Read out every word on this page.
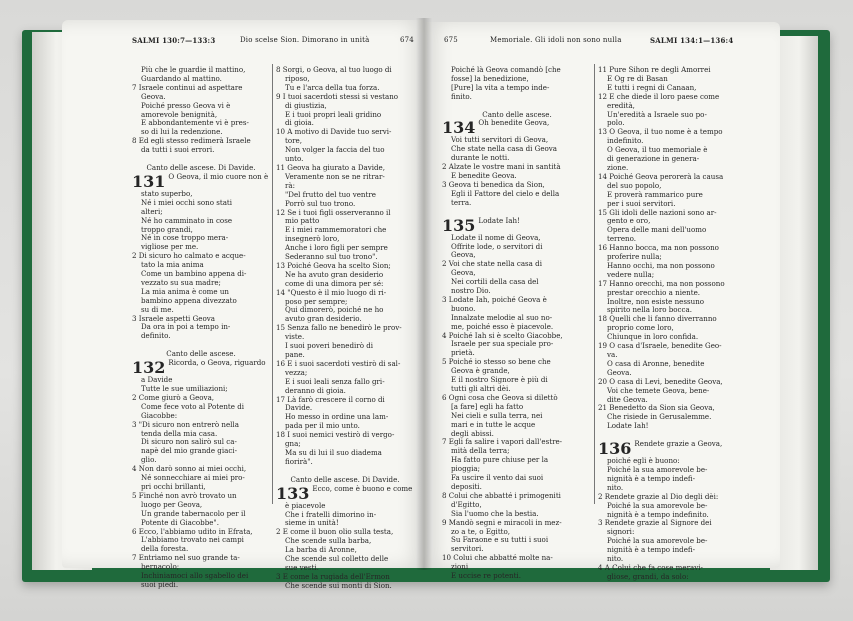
SALMI 130:7—133:3	Dio scelse Sion. Dimorano in unità	674	675	Memoriale. Gli idoli non sono nulla	SALMI 134:1—136:4
Più che le guardie il mattino,
Guardando al mattino.
7 Israele continui ad aspettare
Geova.
Poiché presso Geova vi è
amorevole benignità,
E abbondantemente vi è pres-
so di lui la redenzione.
8 Ed egli stesso redimerà Israele
da tutti i suoi errori.

Canto delle ascese. Di Davide.
131 O Geova, il mio cuore non è
stato superbo,
Né i miei occhi sono stati
alteri;
Né ho camminato in cose
troppo grandi,
Né in cose troppo mera-
vigliose per me.
2 Di sicuro ho calmato e acque-
tato la mia anima
Come un bambino appena di-
vezzato su sua madre;
La mia anima è come un
bambino appena divezzato
su di me.
3 Israele aspetti Geova
Da ora in poi a tempo in-
definito.

Canto delle ascese.
132 Ricorda, o Geova, riguardo
a Davide
Tutte le sue umiliazioni;
2 Come giurò a Geova,
Come fece voto al Potente di
Giacobbe:
3 "Di sicuro non entrerò nella
tenda della mia casa.
Di sicuro non salirò sul ca-
napè del mio grande giaci-
glio.
4 Non darò sonno ai miei occhi,
Né sonnecchiare ai miei pro-
pri occhi brillanti,
5 Finché non avrò trovato un
luogo per Geova,
Un grande tabernacolo per il
Potente di Giacobbe".
6 Ecco, l'abbiamo udito in Efrata,
L'abbiamo trovato nei campi
della foresta.
7 Entriamo nel suo grande ta-
bernacolo;
Inchiniamoci allo sgabello dei
suoi piedi.
8 Sorgi, o Geova, al tuo luogo di
riposo,
Tu e l'arca della tua forza.
9 I tuoi sacerdoti stessi si vestano
di giustizia,
E i tuoi propri leali gridino
di gioia.
10 A motivo di Davide tuo servi-
tore,
Non volger la faccia del tuo
unto.
11 Geova ha giurato a Davide,
Veramente non se ne ritrar-
rà:
"Del frutto del tuo ventre
Porrò sul tuo trono.
12 Se i tuoi figli osserveranno il
mio patto
E i miei rammemoratori che
insegnerò loro,
Anche i loro figli per sempre
Sederanno sul tuo trono".
13 Poiché Geova ha scelto Sion;
Ne ha avuto gran desiderio
come di una dimora per sé:
14 "Questo è il mio luogo di ri-
poso per sempre;
Qui dimorerò, poiché ne ho
avuto gran desiderio.
15 Senza fallo ne benedirò le prov-
viste.
I suoi poveri benedirò di
pane.
16 E i suoi sacerdoti vestirò di sal-
vezza;
E i suoi leali senza fallo gri-
deranno di gioia.
17 Là farò crescere il corno di
Davide.
Ho messo in ordine una lam-
pada per il mio unto.
18 I suoi nemici vestirò di vergo-
gna;
Ma su di lui il suo diadema
fiorirà".

Canto delle ascese. Di Davide.
133 Ecco, come è buono e come
è piacevole
Che i fratelli dimorino in-
sieme in unità!
2 È come il buon olio sulla testa,
Che scende sulla barba,
La barba di Aronne,
Che scende sul colletto delle
sue vesti.
3 È come la rugiada dell'Ermon
Che scende sui monti di Sion.
Poiché là Geova comandò [che
fosse] la benedizione,
[Pure] la vita a tempo inde-
finito.

Canto delle ascese.
134 Oh benedite Geova,
Voi tutti servitori di Geova,
Che state nella casa di Geova
durante le notti.
2 Alzate le vostre mani in santità
E benedite Geova.
3 Geova ti benedica da Sion,
Egli il Fattore del cielo e della
terra.

135 Lodate Iah!
Lodate il nome di Geova,
Offrite lode, o servitori di
Geova,
2 Voi che state nella casa di
Geova,
Nei cortili della casa del
nostro Dio.
3 Lodate Iah, poiché Geova è
buono.
Innalzate melodie al suo no-
me, poiché esso è piacevole.
4 Poiché Iah si è scelto Giacobbe,
Israele per sua speciale pro-
prietà.
5 Poiché io stesso so bene che
Geova è grande,
E il nostro Signore è più di
tutti gli altri dèi.
6 Ogni cosa che Geova si dilettò
[a fare] egli ha fatto
Nei cieli e sulla terra, nei
mari e in tutte le acque
degli abissi.
7 Egli fa salire i vapori dall'estre-
mità della terra;
Ha fatto pure chiuse per la
pioggia;
Fa uscire il vento dai suoi
depositi.
8 Colui che abbatté i primogeniti
d'Egitto,
Sia l'uomo che la bestia.
9 Mandò segni e miracoli in mez-
zo a te, o Egitto,
Su Faraone e su tutti i suoi
servitori.
10 Colui che abbatté molte na-
zioni
E uccise re potenti.
11 Pure Sihon re degli Amorrei
E Og re di Basan
E tutti i regni di Canaan,
12 E che diede il loro paese come
eredità,
Un'eredità a Israele suo po-
polo.
13 O Geova, il tuo nome è a tempo
indefinito.
O Geova, il tuo memoriale è
di generazione in genera-
zione.
14 Poiché Geova perorerà la causa
del suo popolo,
E proverà rammarico pure
per i suoi servitori.
15 Gli idoli delle nazioni sono ar-
gento e oro,
Opera delle mani dell'uomo
terreno.
16 Hanno bocca, ma non possono
proferire nulla;
Hanno occhi, ma non possono
vedere nulla;
17 Hanno orecchi, ma non possono
prestar orecchio a niente.
Inoltre, non esiste nessuno
spirito nella loro bocca.
18 Quelli che li fanno diverranno
proprio come loro,
Chiunque in loro confida.
19 O casa d'Israele, benedite Geo-
va.
O casa di Aronne, benedite
Geova.
20 O casa di Levi, benedite Geova,
Voi che temete Geova, bene-
dite Geova.
21 Benedetto da Sion sia Geova,
Che risiede in Gerusalemme.
Lodate Iah!

136 Rendete grazie a Geova,
poiché egli è buono:
Poiché la sua amorevole be-
nignità è a tempo indefi-
nito.
2 Rendete grazie al Dio degli dèi:
Poiché la sua amorevole be-
nignità è a tempo indefinito.
3 Rendete grazie al Signore dei
signori:
Poiché la sua amorevole be-
nignità è a tempo indefi-
nito.
4 A Colui che fa cose meravi-
gliose, grandi, da solo:
